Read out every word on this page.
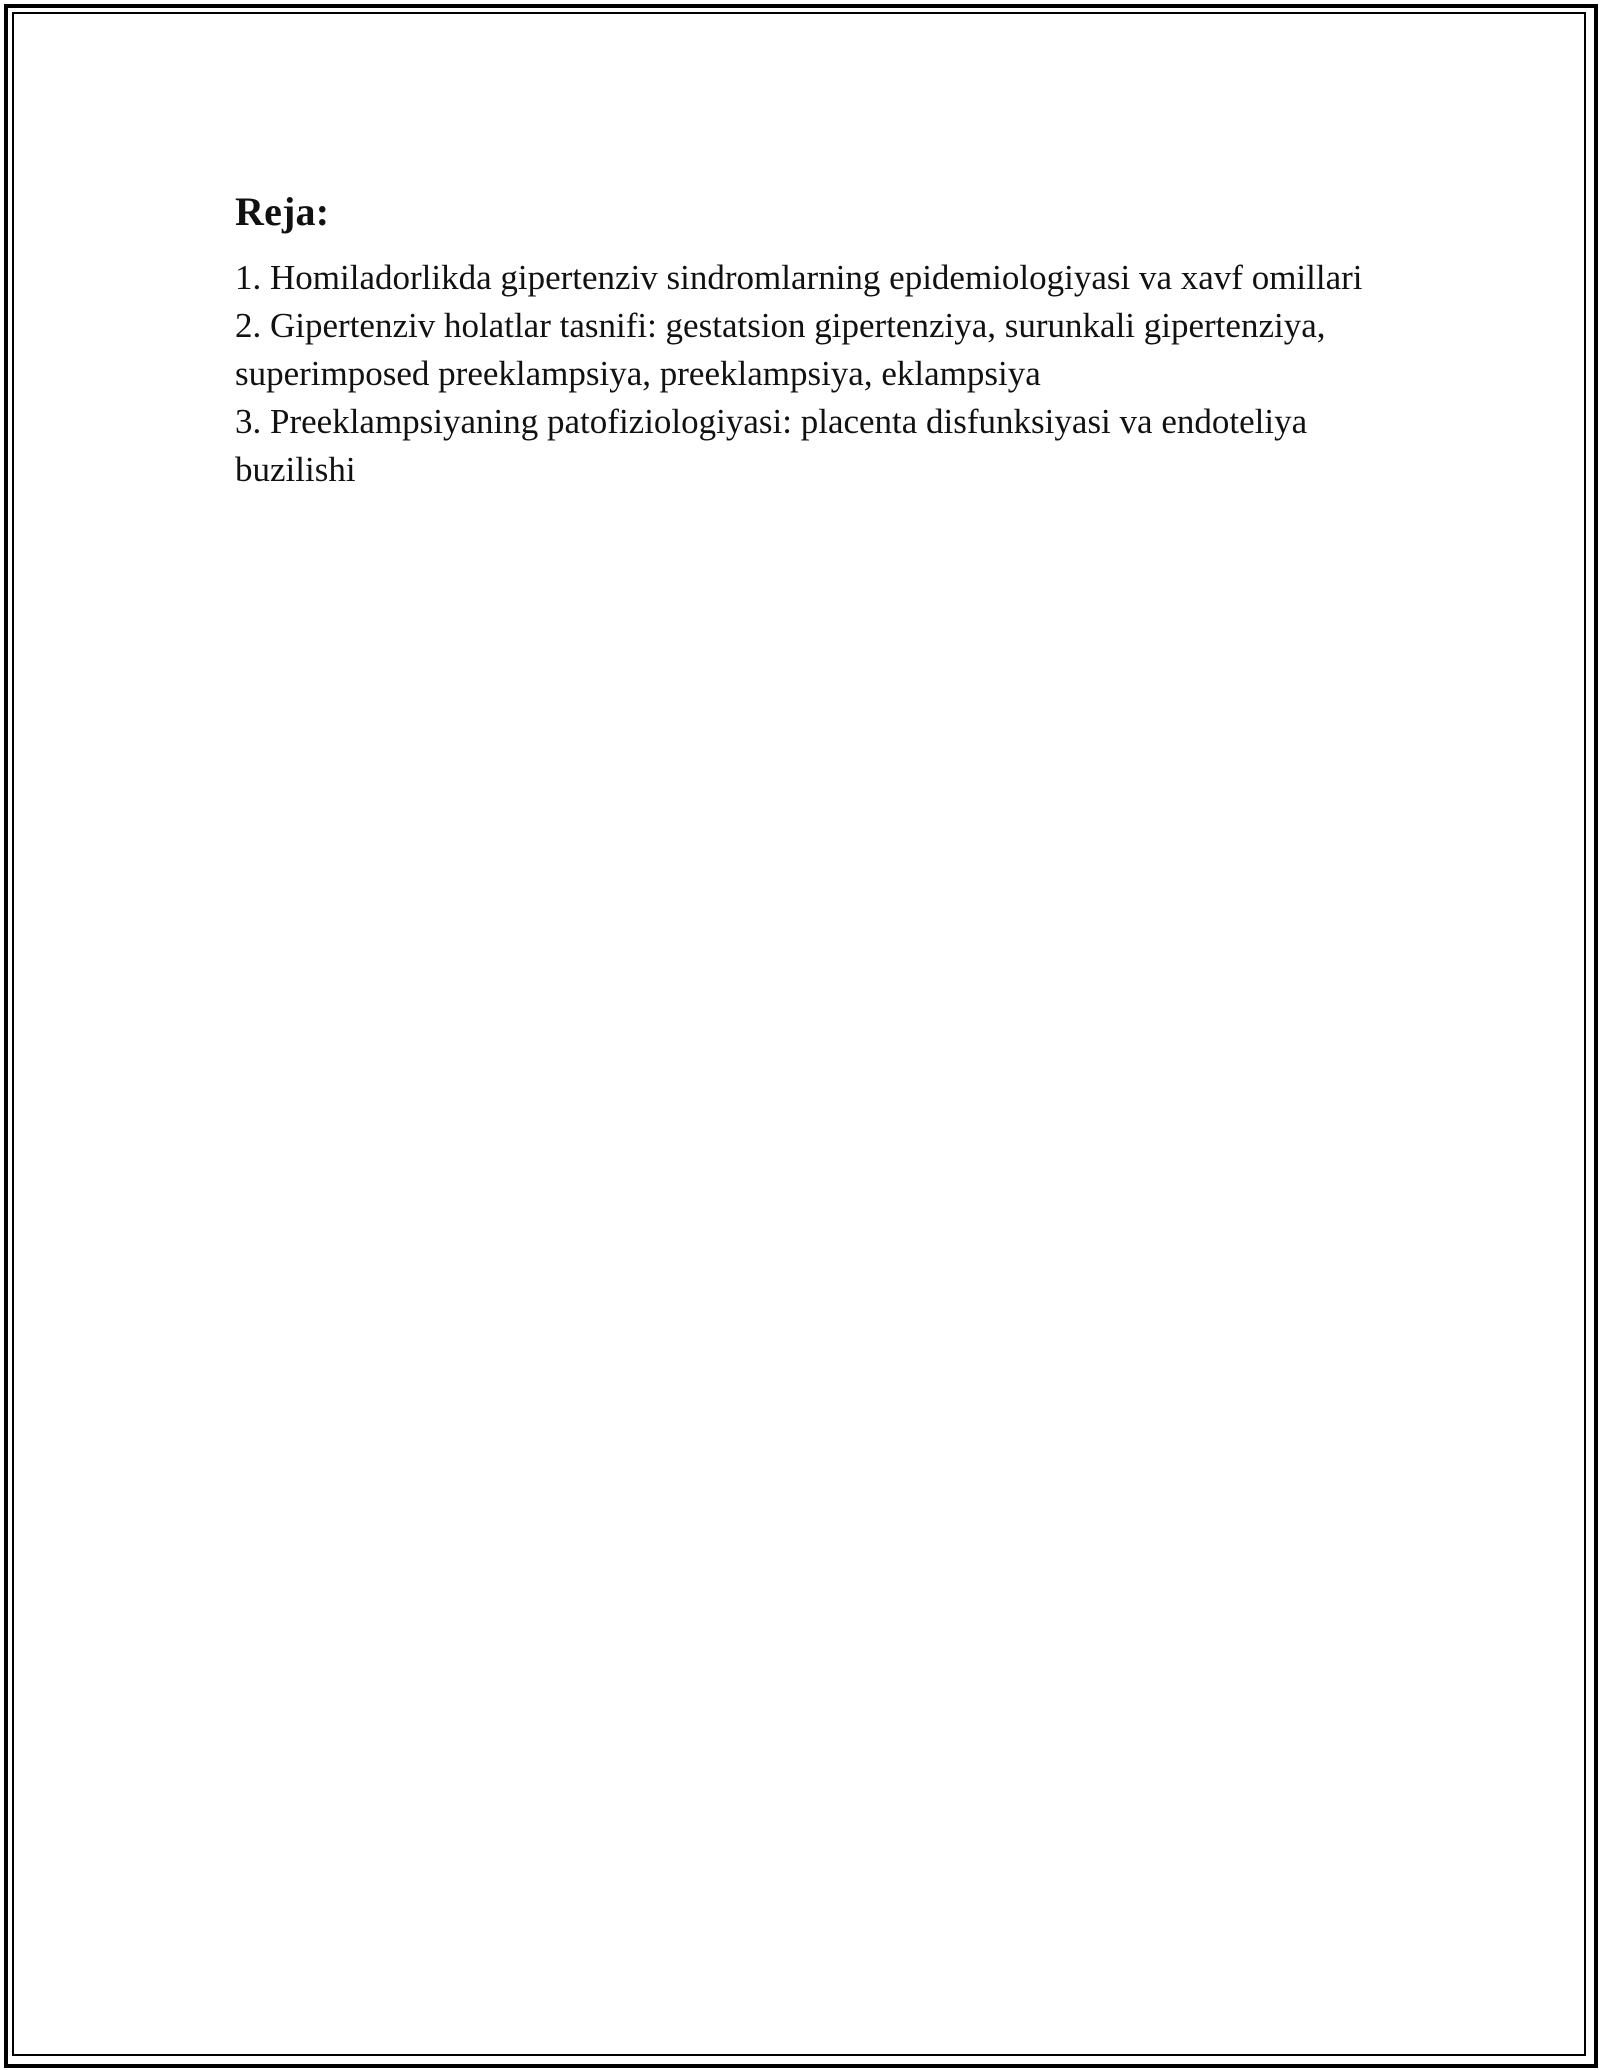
Reja:
1. Homiladorlikda gipertenziv sindromlarning epidemiologiyasi va xavf omillari
2. Gipertenziv holatlar tasnifi: gestatsion gipertenziya, surunkali gipertenziya, superimposed preeklampsiya, preeklampsiya, eklampsiya
3. Preeklampsiyaning patofiziologiyasi: placenta disfunksiyasi va endoteliya buzilishi
